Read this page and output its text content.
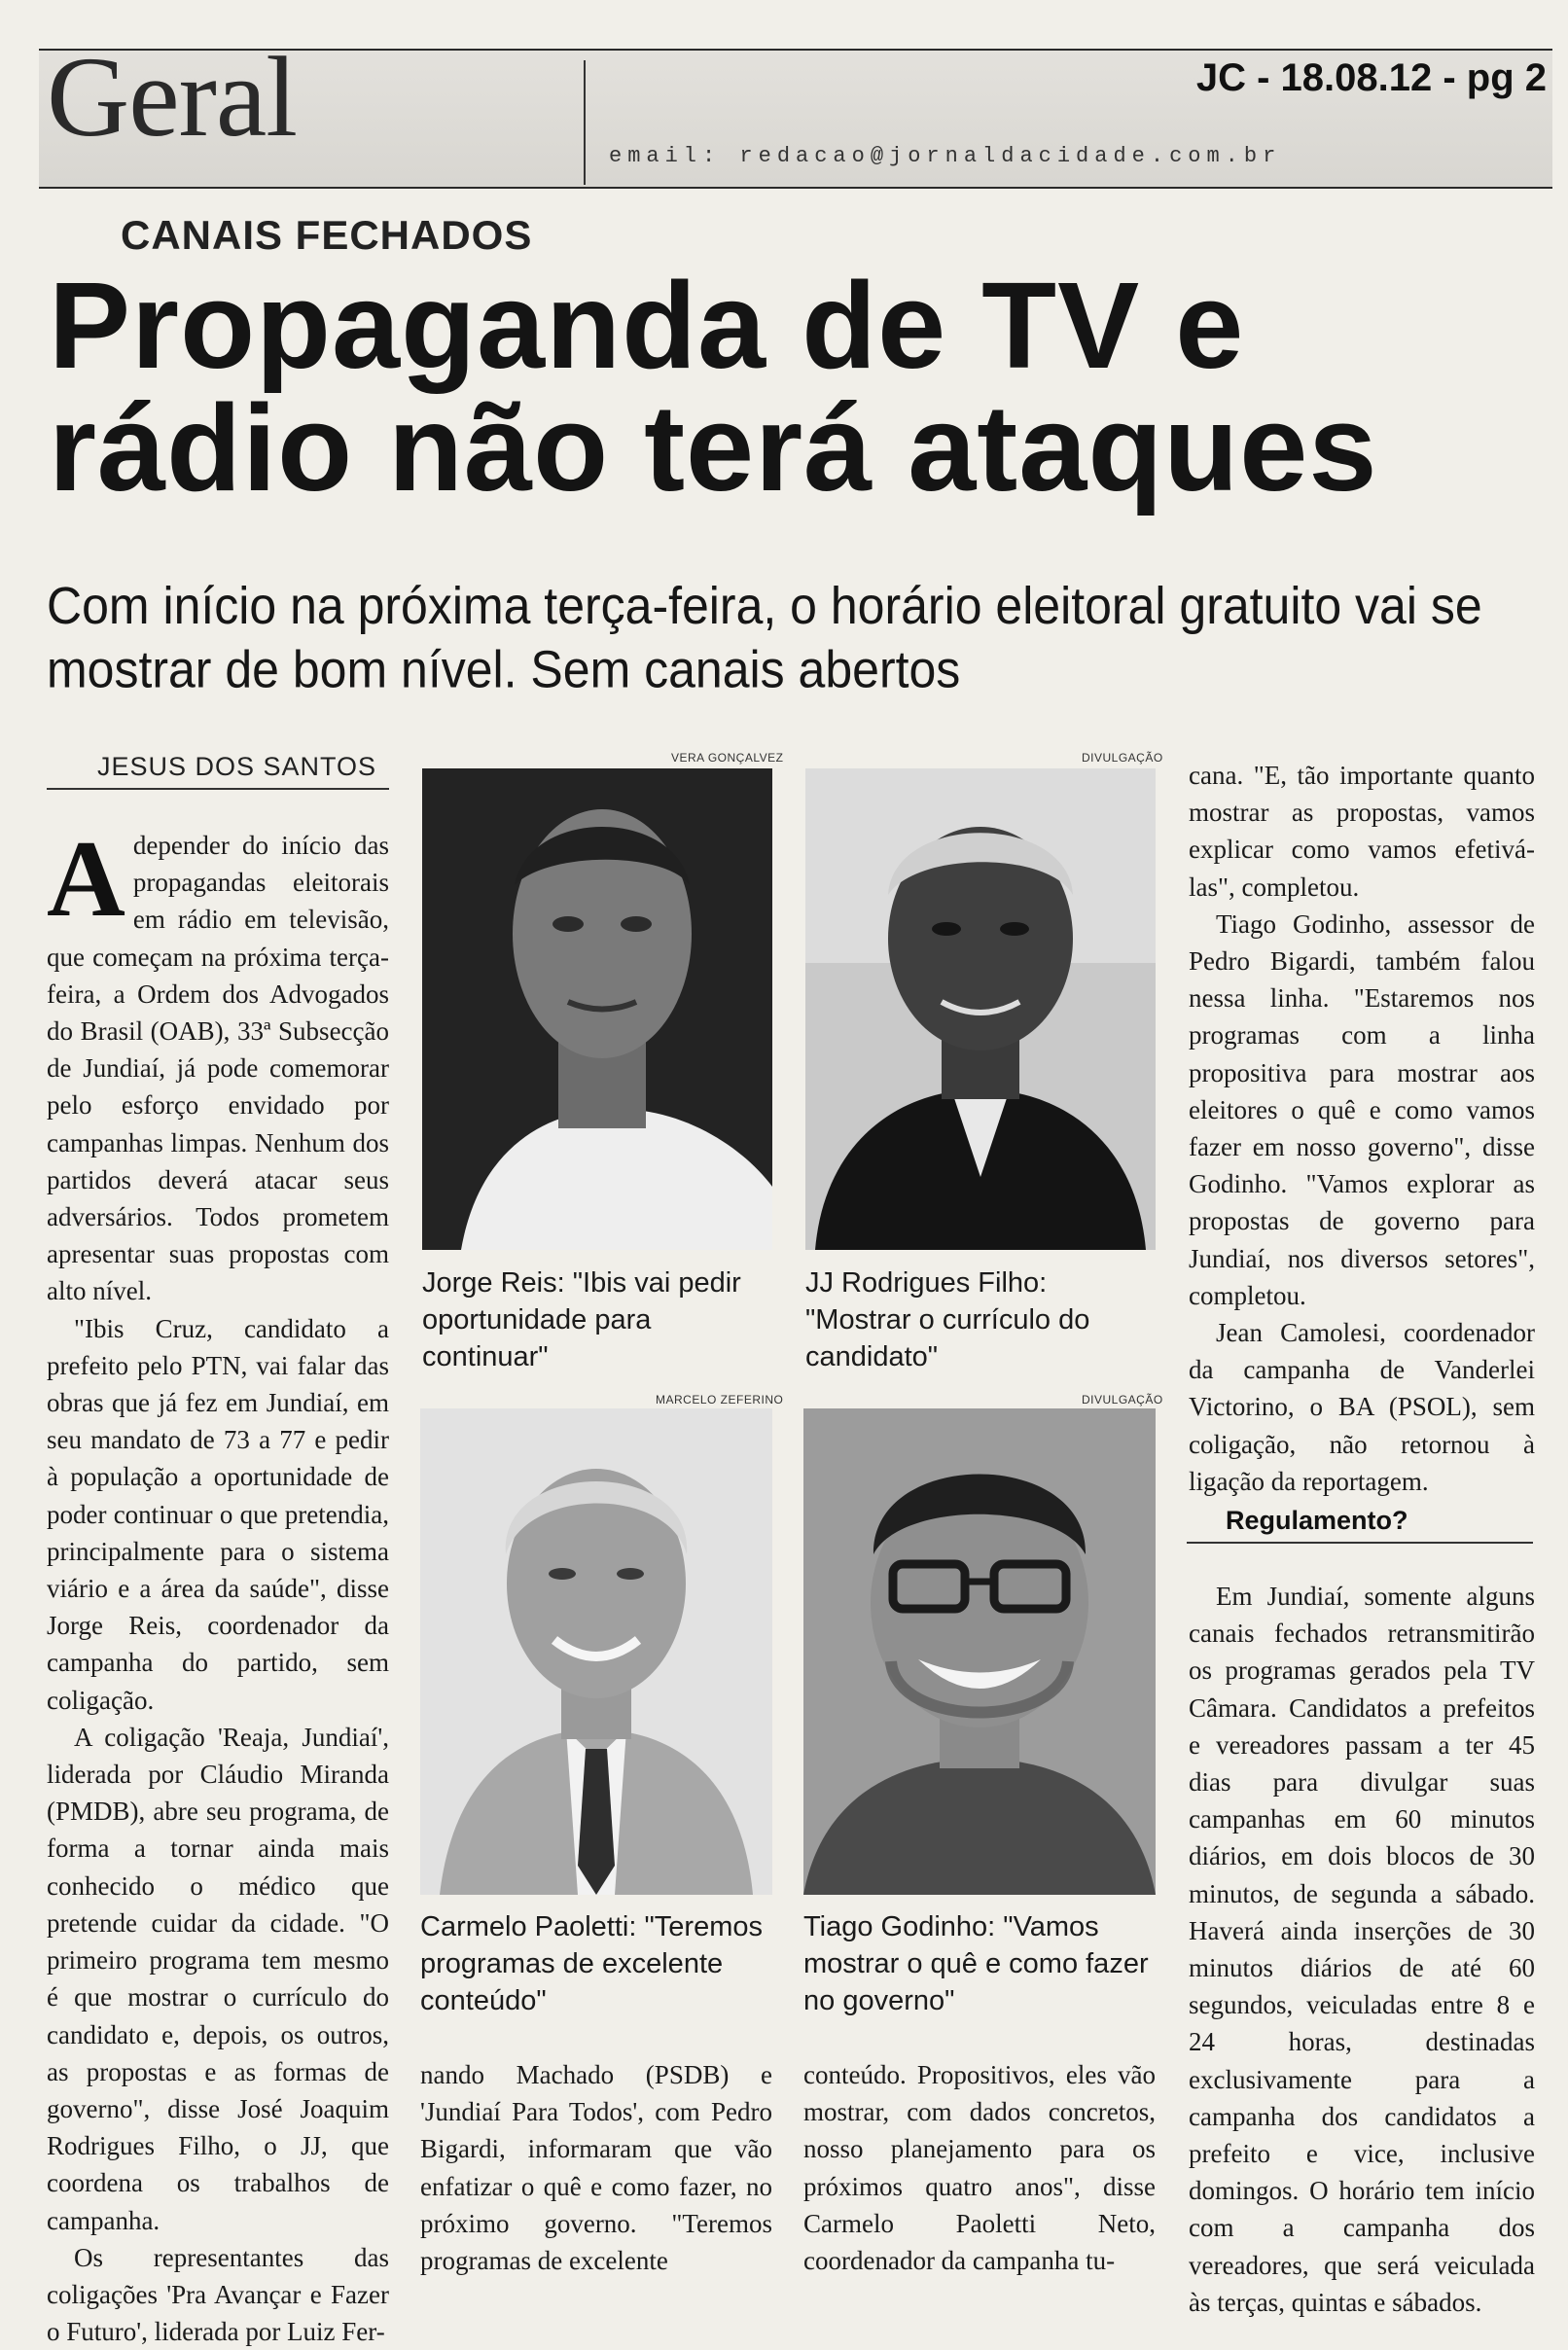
Geral	JC - 18.08.12 - pg 2
email: redacao@jornaldacidade.com.br
CANAIS FECHADOS
Propaganda de TV e rádio não terá ataques
Com início na próxima terça-feira, o horário eleitoral gratuito vai se mostrar de bom nível. Sem canais abertos
JESUS DOS SANTOS

Adepender do início das propagandas eleitorais em rádio em televisão, que começam na próxima terça-feira, a Ordem dos Advogados do Brasil (OAB), 33ª Subsecção de Jundiaí, já pode comemorar pelo esforço envidado por campanhas limpas. Nenhum dos partidos deverá atacar seus adversários. Todos prometem apresentar suas propostas com alto nível.

"Ibis Cruz, candidato a prefeito pelo PTN, vai falar das obras que já fez em Jundiaí, em seu mandato de 73 a 77 e pedir à população a oportunidade de poder continuar o que pretendia, principalmente para o sistema viário e a área da saúde", disse Jorge Reis, coordenador da campanha do partido, sem coligação.

A coligação 'Reaja, Jundiaí', liderada por Cláudio Miranda (PMDB), abre seu programa, de forma a tornar ainda mais conhecido o médico que pretende cuidar da cidade. "O primeiro programa tem mesmo é que mostrar o currículo do candidato e, depois, os outros, as propostas e as formas de governo", disse José Joaquim Rodrigues Filho, o JJ, que coordena os trabalhos de campanha.

Os representantes das coligações 'Pra Avançar e Fazer o Futuro', liderada por Luiz Fer-

VERA GONÇALVEZ
Jorge Reis: "Ibis vai pedir oportunidade para continuar"
DIVULGAÇÃO
JJ Rodrigues Filho: "Mostrar o currículo do candidato"
MARCELO ZEFERINO
Carmelo Paoletti: "Teremos programas de excelente conteúdo"
DIVULGAÇÃO
Tiago Godinho: "Vamos mostrar o quê e como fazer no governo"

nando Machado (PSDB) e 'Jundiaí Para Todos', com Pedro Bigardi, informaram que vão enfatizar o quê e como fazer, no próximo governo. "Teremos programas de excelente

conteúdo. Propositivos, eles vão mostrar, com dados concretos, nosso planejamento para os próximos quatro anos", disse Carmelo Paoletti Neto, coordenador da campanha tu-

cana. "E, tão importante quanto mostrar as propostas, vamos explicar como vamos efetivá-las", completou.

Tiago Godinho, assessor de Pedro Bigardi, também falou nessa linha. "Estaremos nos programas com a linha propositiva para mostrar aos eleitores o quê e como vamos fazer em nosso governo", disse Godinho. "Vamos explorar as propostas de governo para Jundiaí, nos diversos setores", completou.

Jean Camolesi, coordenador da campanha de Vanderlei Victorino, o BA (PSOL), sem coligação, não retornou à ligação da reportagem.

Regulamento?

Em Jundiaí, somente alguns canais fechados retransmitirão os programas gerados pela TV Câmara. Candidatos a prefeitos e vereadores passam a ter 45 dias para divulgar suas campanhas em 60 minutos diários, em dois blocos de 30 minutos, de segunda a sábado. Haverá ainda inserções de 30 minutos diários de até 60 segundos, veiculadas entre 8 e 24 horas, destinadas exclusivamente para a campanha dos candidatos a prefeito e vice, inclusive domingos. O horário tem início com a campanha dos vereadores, que será veiculada às terças, quintas e sábados.
